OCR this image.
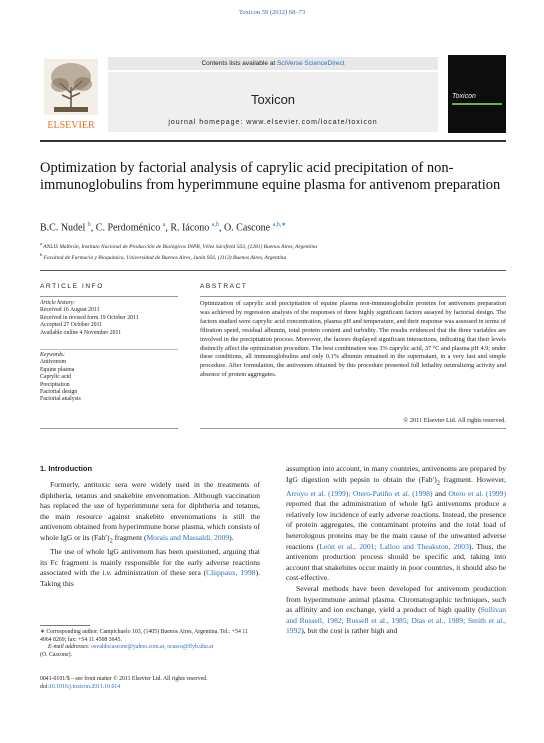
Toxicon 59 (2012) 68–73
ELSEVIER
Contents lists available at SciVerse ScienceDirect
Toxicon
journal homepage: www.elsevier.com/locate/toxicon
Toxicon
Optimization by factorial analysis of caprylic acid precipitation of non-immunoglobulins from hyperimmune equine plasma for antivenom preparation
B.C. Nudel $^b$, C. Perdoménico $^a$, R. Iácono $^{a,b}$, O. Cascone $^{a,b,∗}$
$^a$ ANLIS Malbrán, Instituto Nacional de Producción de Biológicos INPB, Vélez Sársfield 563, (1281) Buenos Aires, Argentina
$^b$ Facultad de Farmacia y Bioquímica, Universidad de Buenos Aires, Junín 956, (1113) Buenos Aires, Argentina
ARTICLE INFO
Article history:
Received 16 August 2011
Received in revised form 19 October 2011
Accepted 27 October 2011
Available online 4 November 2011
Keywords:
Antivenom
Equine plasma
Caprylic acid
Precipitation
Factorial design
Factorial analysis
ABSTRACT
Optimization of caprylic acid precipitation of equine plasma non-immunoglobulin proteins for antivenom preparation was achieved by regression analysis of the responses of three highly significant factors assayed by factorial design. The factors studied were caprylic acid concentration, plasma pH and temperature, and their response was assessed in terms of filtration speed, residual albumin, total protein content and turbidity. The results evidenced that the three variables are involved in the precipitation process. Moreover, the factors displayed significant interactions, indicating that their levels distinctly affect the optimization procedure. The best combination was 3% caprylic acid, 37 °C and plasma pH 4.9; under these conditions, all immunoglobulins and only 0.1% albumin remained in the supernatant, in a very fast and simple procedure. After formulation, the antivenom obtained by this procedure presented full lethality neutralizing activity and absence of protein aggregates.
© 2011 Elsevier Ltd. All rights reserved.
1. Introduction

Formerly, antitoxic sera were widely used in the treatments of diphtheria, tetanus and snakebite envenomation. Although vaccination has replaced the use of hyperimmune sera for diphtheria and tetanus, the main resource against snakebite envenomations is still the antivenom obtained from hyperimmune horse plasma, which consists of whole IgG or its $(Fab')_2$ fragment (Morais and Massaldi, 2009).

The use of whole IgG antivenom has been questioned, arguing that its Fc fragment is mainly responsible for the early adverse reactions associated with the i.v. administration of these sera (Chippaux, 1998). Taking this

assumption into account, in many countries, antivenoms are prepared by IgG digestion with pepsin to obtain the $(Fab')_2$ fragment. However, Arroyo et al. (1999); Otero-Patiño et al. (1998) and Otero et al. (1999) reported that the administration of whole IgG antivenoms produce a relatively low incidence of early adverse reactions. Instead, the presence of protein aggregates, the contaminant proteins and the total load of heterologous proteins may be the main cause of the unwanted adverse reactions (León et al., 2001; Lalloo and Theakston, 2003). Thus, the antivenom production process should be specific and, taking into account that snakebites occur mainly in poor countries, it should also be cost-effective.

Several methods have been developed for antivenom production from hyperimmune animal plasma. Chromatographic techniques, such as affinity and ion exchange, yield a product of high quality (Sullivan and Russell, 1982; Russell et al., 1985; Dias et al., 1989; Smith et al., 1992), but the cost is rather high and

∗ Corresponding author. Campichuelo 103, (1405) Buenos Aires, Argentina. Tel.: +54 11 4964 8269; fax: +54 11 4508 3645.
E-mail addresses: osvaldocascone@yahoo.com.ar, ocasco@ffyb.uba.ar
(O. Cascone).
0041-0101/$ – see front matter © 2011 Elsevier Ltd. All rights reserved.
doi:10.1016/j.toxicon.2011.10.014
